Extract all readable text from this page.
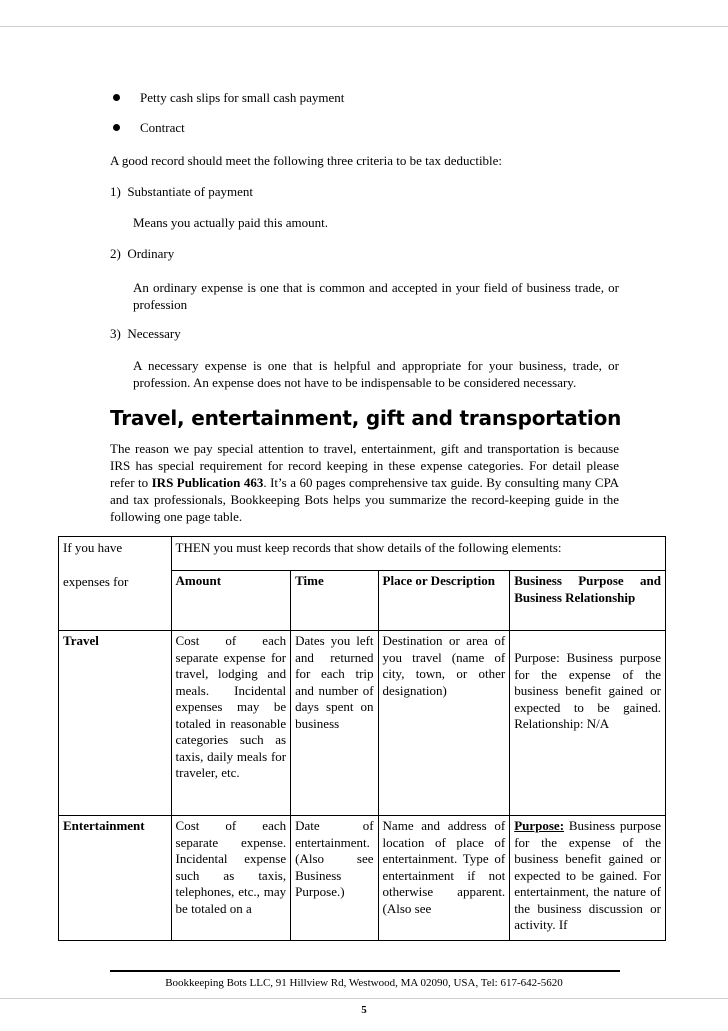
Petty cash slips for small cash payment
Contract
A good record should meet the following three criteria to be tax deductible:
1)  Substantiate of payment
Means you actually paid this amount.
2)  Ordinary
An ordinary expense is one that is common and accepted in your field of business trade, or profession
3)  Necessary
A necessary expense is one that is helpful and appropriate for your business, trade, or profession. An expense does not have to be indispensable to be considered necessary.
Travel, entertainment, gift and transportation
The reason we pay special attention to travel, entertainment, gift and transportation is because IRS has special requirement for record keeping in these expense categories. For detail please refer to IRS Publication 463. It’s a 60 pages comprehensive tax guide. By consulting many CPA and tax professionals, Bookkeeping Bots helps you summarize the record-keeping guide in the following one page table.
If you have
expenses for	THEN you must keep records that show details of the following elements:			
	Amount	Time	Place or Description	Business Purpose and Business Relationship
Travel	Cost of each separate expense for travel, lodging and meals. Incidental expenses may be totaled in reasonable categories such as taxis, daily meals for traveler, etc.	Dates you left and returned for each trip and number of days spent on business	Destination or area of you travel (name of city, town, or other designation)	Purpose: Business purpose for the expense of the business benefit gained or expected to be gained. Relationship: N/A
Entertainment	Cost of each separate expense. Incidental expense such as taxis, telephones, etc., may be totaled on a	Date of entertainment. (Also see Business Purpose.)	Name and address of location of place of entertainment. Type of entertainment if not otherwise apparent. (Also see	Purpose: Business purpose for the expense of the business benefit gained or expected to be gained. For entertainment, the nature of the business discussion or activity. If
Bookkeeping Bots LLC, 91 Hillview Rd, Westwood, MA 02090, USA, Tel: 617-642-5620
5
